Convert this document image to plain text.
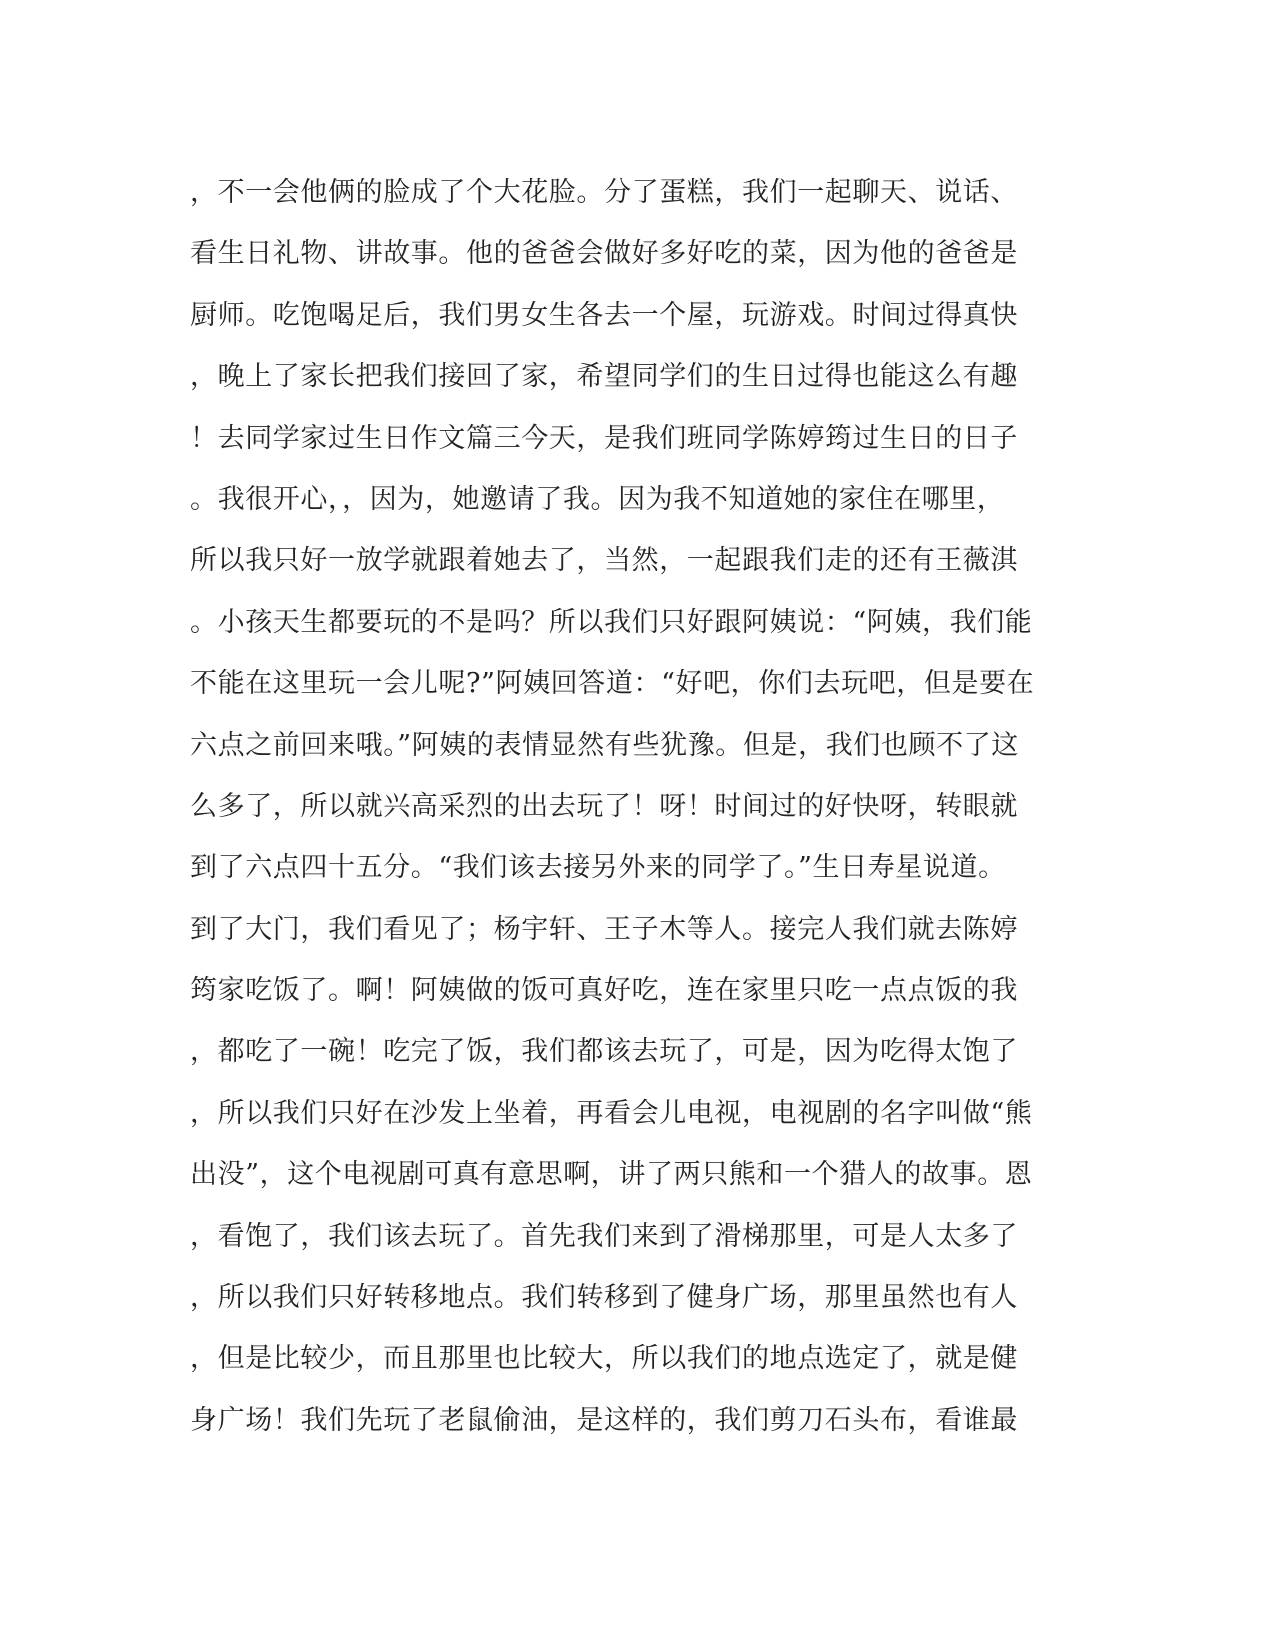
，不一会他俩的脸成了个大花脸。分了蛋糕，我们一起聊天、说话、
看生日礼物、讲故事。他的爸爸会做好多好吃的菜，因为他的爸爸是
厨师。吃饱喝足后，我们男女生各去一个屋，玩游戏。时间过得真快
，晚上了家长把我们接回了家，希望同学们的生日过得也能这么有趣
！去同学家过生日作文篇三今天，是我们班同学陈婷筠过生日的日子
。我很开心，，因为，她邀请了我。因为我不知道她的家住在哪里，
所以我只好一放学就跟着她去了，当然，一起跟我们走的还有王薇淇
。小孩天生都要玩的不是吗？所以我们只好跟阿姨说：“阿姨，我们能
不能在这里玩一会儿呢?”阿姨回答道：“好吧，你们去玩吧，但是要在
六点之前回来哦。”阿姨的表情显然有些犹豫。但是，我们也顾不了这
么多了，所以就兴高采烈的出去玩了！呀！时间过的好快呀，转眼就
到了六点四十五分。“我们该去接另外来的同学了。”生日寿星说道。
到了大门，我们看见了；杨宇轩、王子木等人。接完人我们就去陈婷
筠家吃饭了。啊！阿姨做的饭可真好吃，连在家里只吃一点点饭的我
，都吃了一碗！吃完了饭，我们都该去玩了，可是，因为吃得太饱了
，所以我们只好在沙发上坐着，再看会儿电视，电视剧的名字叫做“熊
出没”，这个电视剧可真有意思啊，讲了两只熊和一个猎人的故事。恩
，看饱了，我们该去玩了。首先我们来到了滑梯那里，可是人太多了
，所以我们只好转移地点。我们转移到了健身广场，那里虽然也有人
，但是比较少，而且那里也比较大，所以我们的地点选定了，就是健
身广场！我们先玩了老鼠偷油，是这样的，我们剪刀石头布，看谁最
